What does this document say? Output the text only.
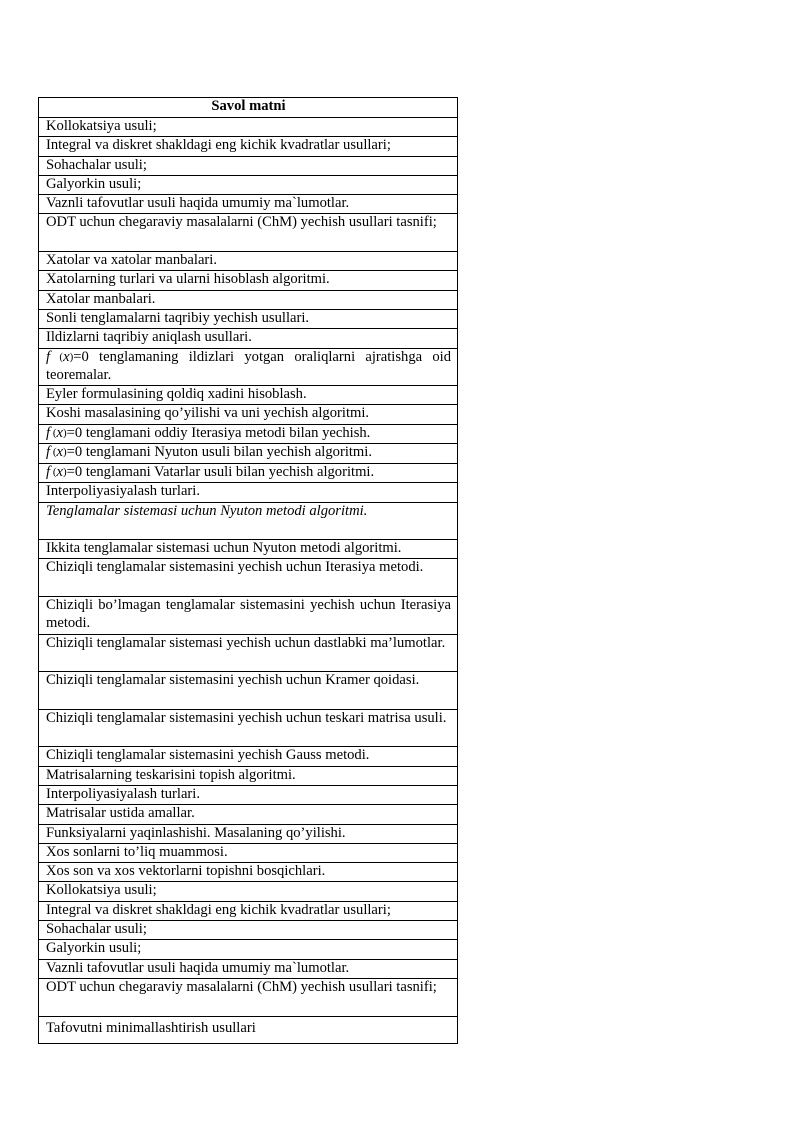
Savol matni
Kollokatsiya usuli;
Integral va diskret shakldagi eng kichik kvadratlar usullari;
Sohachalar usuli;
Galyorkin usuli;
Vaznli tafovutlar usuli haqida umumiy ma`lumotlar.
ODT uchun chegaraviy masalalarni (ChM) yechish usullari tasnifi;
Xatolar va xatolar manbalari.
Xatolarning turlari va ularni hisoblash algoritmi.
Xatolar manbalari.
Sonli tenglamalarni taqribiy yechish usullari.
Ildizlarni taqribiy aniqlash usullari.
f (x)=0 tenglamaning ildizlari yotgan oraliqlarni ajratishga oid teoremalar.
Eyler formulasining qoldiq xadini hisoblash.
Koshi masalasining qo’yilishi va uni yechish algoritmi.
f (x)=0 tenglamani oddiy Iterasiya metodi bilan yechish.
f (x)=0 tenglamani Nyuton usuli bilan yechish algoritmi.
f (x)=0 tenglamani Vatarlar usuli bilan yechish algoritmi.
Interpoliyasiyalash turlari.
Tenglamalar sistemasi uchun Nyuton metodi algoritmi.
Ikkita tenglamalar sistemasi uchun Nyuton metodi algoritmi.
Chiziqli tenglamalar sistemasini yechish uchun Iterasiya metodi.
Chiziqli bo’lmagan tenglamalar sistemasini yechish uchun Iterasiya metodi.
Chiziqli tenglamalar sistemasi yechish uchun dastlabki ma’lumotlar.
Chiziqli tenglamalar sistemasini yechish uchun Kramer qoidasi.
Chiziqli tenglamalar sistemasini yechish uchun teskari matrisa usuli.
Chiziqli tenglamalar sistemasini yechish Gauss metodi.
Matrisalarning teskarisini topish algoritmi.
Interpoliyasiyalash turlari.
Matrisalar ustida amallar.
Funksiyalarni yaqinlashishi. Masalaning qo’yilishi.
Xos sonlarni to’liq muammosi.
Xos son va xos vektorlarni topishni bosqichlari.
Kollokatsiya usuli;
Integral va diskret shakldagi eng kichik kvadratlar usullari;
Sohachalar usuli;
Galyorkin usuli;
Vaznli tafovutlar usuli haqida umumiy ma`lumotlar.
ODT uchun chegaraviy masalalarni (ChM) yechish usullari tasnifi;
Tafovutni minimallashtirish usullari
